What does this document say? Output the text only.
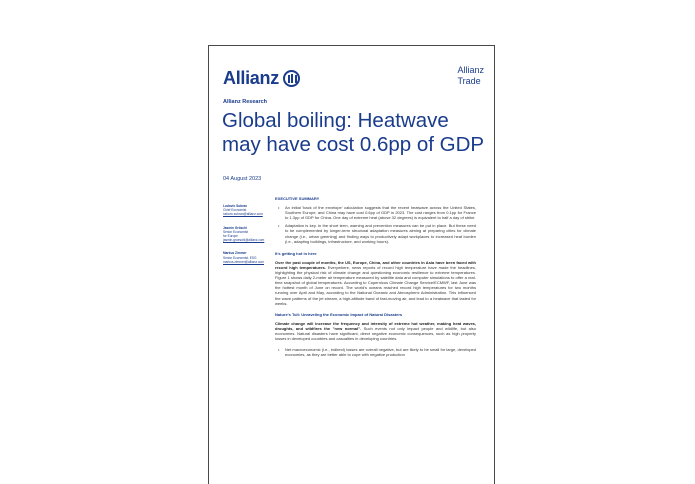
Allianz	Allianz
Trade
Allianz Research
Global boiling: Heatwave may have cost 0.6pp of GDP
04 August 2023
Ludovic Subran
Chief Economist
ludovic.subran@allianz.com
Jasmin Gröschl
Senior Economist
for Europe
jasmin.groeschl@allianz.com
Markus Zimmer
Senior Economist, ESG
markus.zimmer@allianz.com
EXECUTIVE SUMMARY
• An initial 'back of the envelope' calculation suggests that the recent heatwave across the United States, Southern Europe, and China may have cost 0.6pp of GDP in 2023. The cost ranges from 0.1pp for France to 1.3pp of GDP for China. One day of extreme heat (above 32 degrees) is equivalent to half a day of strike.
• Adaptation is key. In the short term, warning and prevention measures can be put in place. But these need to be complemented by longer-term structural adaptation measures aiming at preparing cities for climate change (i.e., urban greening) and finding ways to productively adapt workplaces to increased heat burden (i.e., adapting buildings, infrastructure, and working hours).
It's getting hot in here
Over the past couple of months, the US, Europe, China, and other countries in Asia have been faced with record high temperatures. Everywhere, news reports of record high temperature have made the headlines, highlighting the physical risk of climate change and questioning economic resilience to extreme temperatures. Figure 1 shows daily 2-meter air temperature measured by satellite data and computer simulations to offer a real-time snapshot of global temperatures. According to Copernicus Climate Change Service/ECMWF, last June was the hottest month of June on record. The world's oceans reached record high temperatures for two months running over April and May, according to the National Oceanic and Atmospheric Administration. This influenced the wave patterns of the jet stream, a high-altitude band of fast-moving air, and lead to a heatwave that lasted for weeks.
Nature's Toll: Unraveling the Economic Impact of Natural Disasters
Climate change will increase the frequency and intensity of extreme hot weather, making heat waves, droughts, and wildfires the "new normal". Such events not only impact people and wildlife, but also economies. Natural disasters have significant, direct negative economic consequences, such as high property losses in developed countries and casualties in developing countries.
• Net macroeconomic (i.e., indirect) losses are overall negative, but are likely to be small for large, developed economies, as they are better able to cope with negative production
